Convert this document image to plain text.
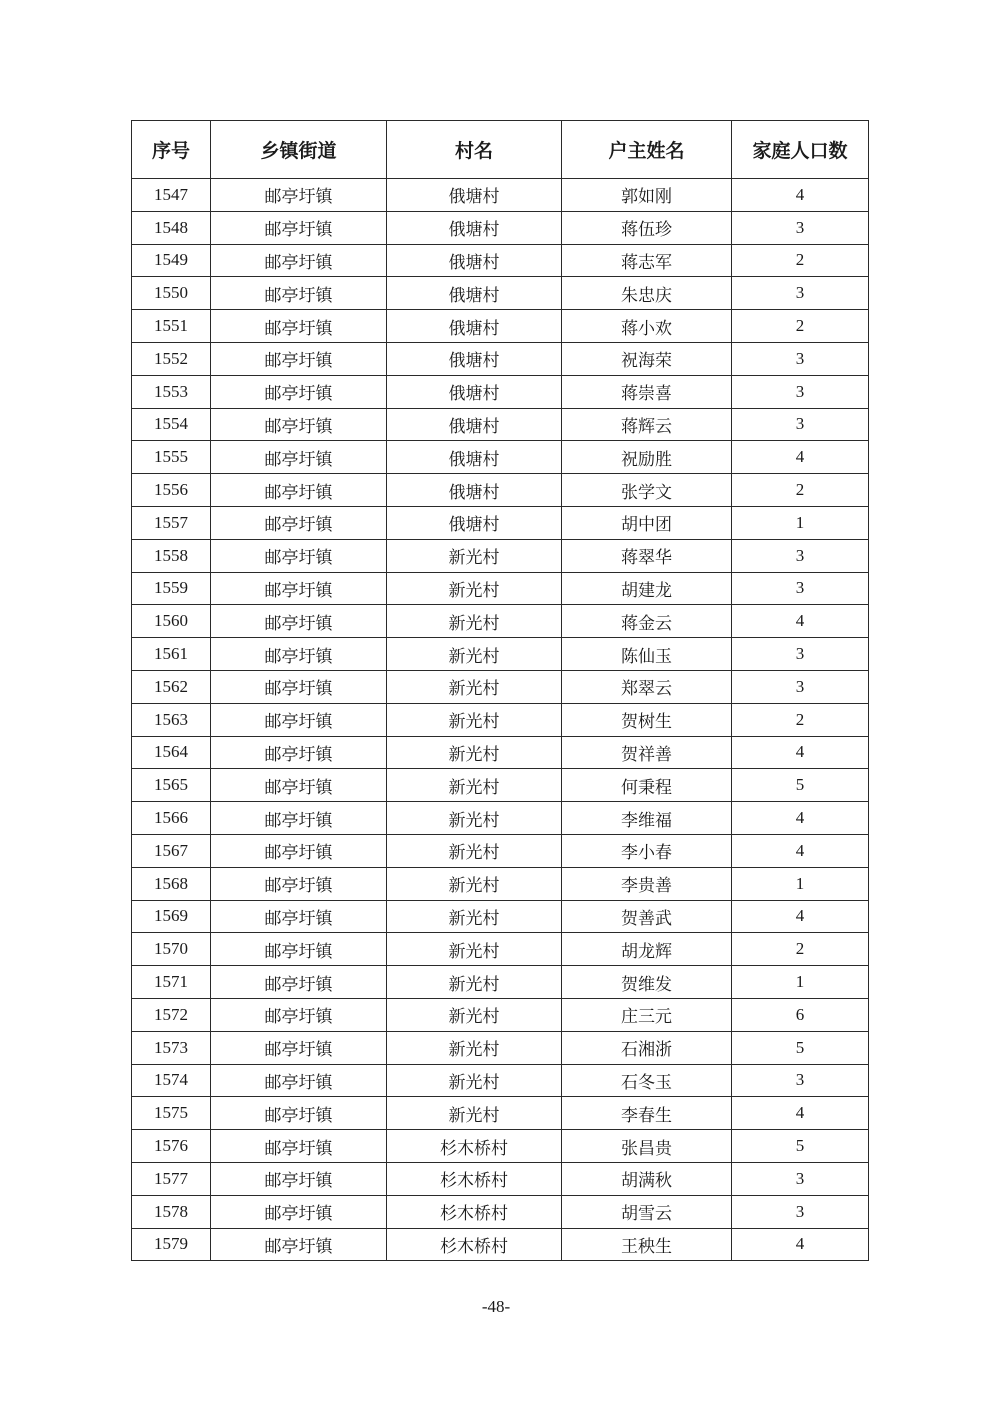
序号	乡镇街道	村名	户主姓名	家庭人口数
1547	邮亭圩镇	俄塘村	郭如刚	4
1548	邮亭圩镇	俄塘村	蒋伍珍	3
1549	邮亭圩镇	俄塘村	蒋志军	2
1550	邮亭圩镇	俄塘村	朱忠庆	3
1551	邮亭圩镇	俄塘村	蒋小欢	2
1552	邮亭圩镇	俄塘村	祝海荣	3
1553	邮亭圩镇	俄塘村	蒋崇喜	3
1554	邮亭圩镇	俄塘村	蒋辉云	3
1555	邮亭圩镇	俄塘村	祝励胜	4
1556	邮亭圩镇	俄塘村	张学文	2
1557	邮亭圩镇	俄塘村	胡中团	1
1558	邮亭圩镇	新光村	蒋翠华	3
1559	邮亭圩镇	新光村	胡建龙	3
1560	邮亭圩镇	新光村	蒋金云	4
1561	邮亭圩镇	新光村	陈仙玉	3
1562	邮亭圩镇	新光村	郑翠云	3
1563	邮亭圩镇	新光村	贺树生	2
1564	邮亭圩镇	新光村	贺祥善	4
1565	邮亭圩镇	新光村	何秉程	5
1566	邮亭圩镇	新光村	李维福	4
1567	邮亭圩镇	新光村	李小春	4
1568	邮亭圩镇	新光村	李贵善	1
1569	邮亭圩镇	新光村	贺善武	4
1570	邮亭圩镇	新光村	胡龙辉	2
1571	邮亭圩镇	新光村	贺维发	1
1572	邮亭圩镇	新光村	庄三元	6
1573	邮亭圩镇	新光村	石湘浙	5
1574	邮亭圩镇	新光村	石冬玉	3
1575	邮亭圩镇	新光村	李春生	4
1576	邮亭圩镇	杉木桥村	张昌贵	5
1577	邮亭圩镇	杉木桥村	胡满秋	3
1578	邮亭圩镇	杉木桥村	胡雪云	3
1579	邮亭圩镇	杉木桥村	王秧生	4
-48-
